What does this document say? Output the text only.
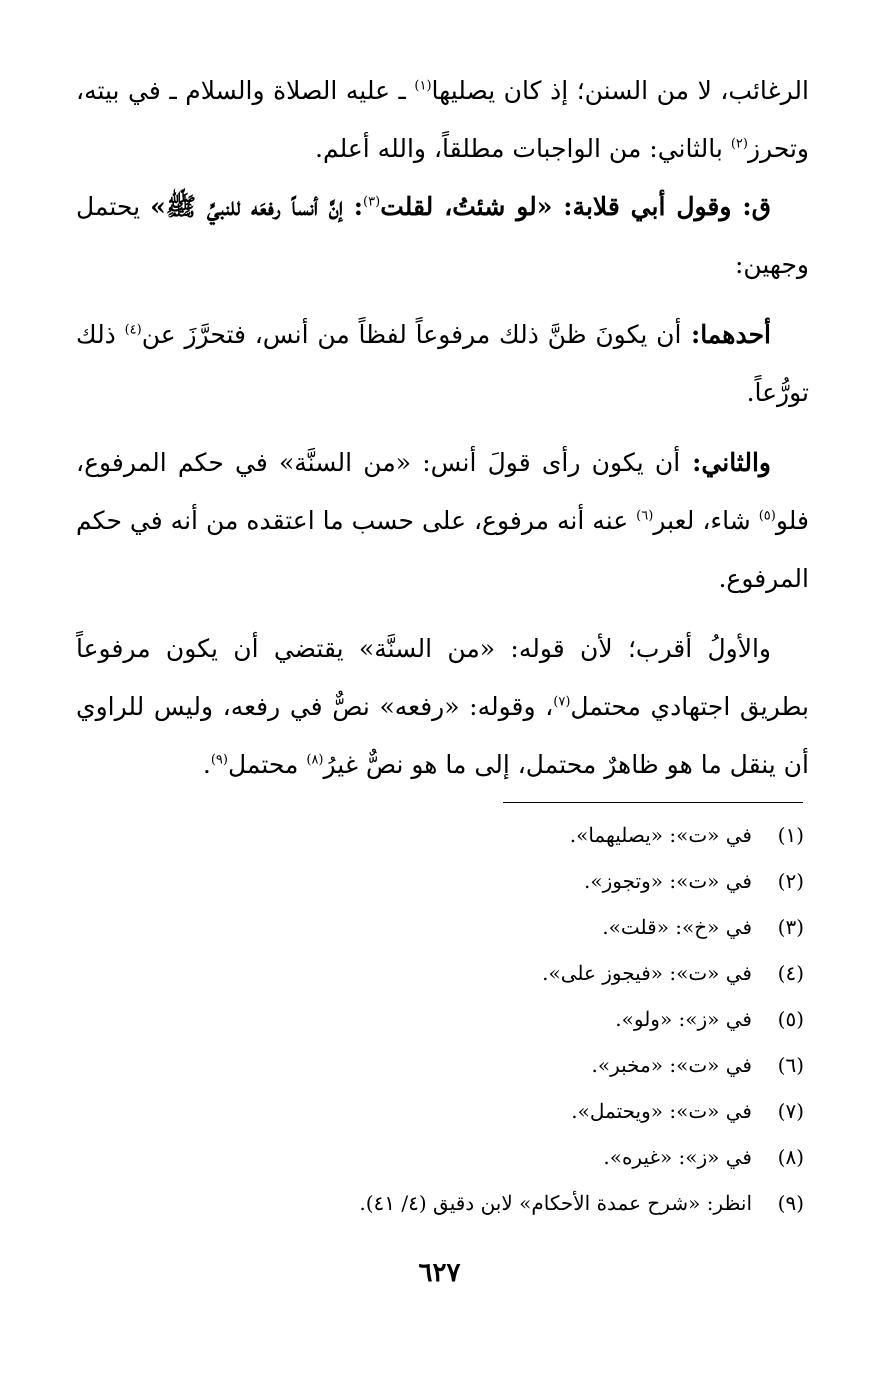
الرغائب، لا من السنن؛ إذ كان يصليها$^{(١)}$ ـ عليه الصلاة والسلام ـ في بيته، وتحرز$^{(٢)}$ بالثاني: من الواجبات مطلقاً، والله أعلم.

ق: وقول أبي قلابة: «لو شئتُ، لقلت$^{(٣)}$: إنَّ أنساً رفعَه للنبيِّ ﷺ» يحتمل وجهين:

أحدهما: أن يكونَ ظنَّ ذلك مرفوعاً لفظاً من أنس، فتحرَّزَ عن$^{(٤)}$ ذلك تورُّعاً.

والثاني: أن يكون رأى قولَ أنس: «من السنَّة» في حكم المرفوع، فلو$^{(٥)}$ شاء، لعبر$^{(٦)}$ عنه أنه مرفوع، على حسب ما اعتقده من أنه في حكم المرفوع.

والأولُ أقرب؛ لأن قوله: «من السنَّة» يقتضي أن يكون مرفوعاً بطريق اجتهادي محتمل$^{(٧)}$، وقوله: «رفعه» نصٌّ في رفعه، وليس للراوي أن ينقل ما هو ظاهرٌ محتمل، إلى ما هو نصٌّ غيرُ$^{(٨)}$ محتمل$^{(٩)}$.

(١)في «ت»: «يصليهما».
(٢)في «ت»: «وتجوز».
(٣)في «خ»: «قلت».
(٤)في «ت»: «فيجوز على».
(٥)في «ز»: «ولو».
(٦)في «ت»: «مخبر».
(٧)في «ت»: «ويحتمل».
(٨)في «ز»: «غيره».
(٩)انظر: «شرح عمدة الأحكام» لابن دقيق (٤/ ٤١).
٦٢٧
